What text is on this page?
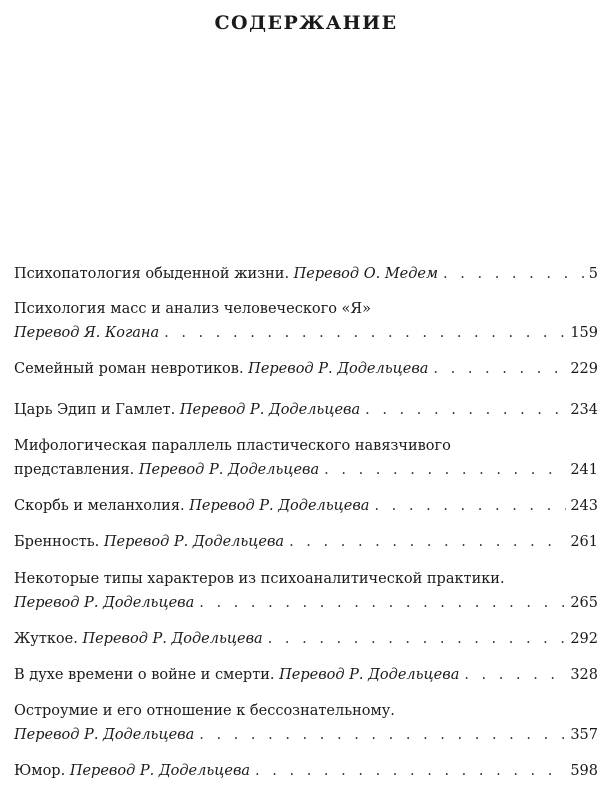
СОДЕРЖАНИЕ
Психопатология обыденной жизни. Перевод О. Медем . . .	5
Психология масс и анализ человеческого «Я»
Перевод Я. Когана . . .	159
Семейный роман невротиков. Перевод Р. Додельцева . . .	229
Царь Эдип и Гамлет. Перевод Р. Додельцева . . .	234
Мифологическая параллель пластического навязчивого
представления. Перевод Р. Додельцева . . .	241
Скорбь и меланхолия. Перевод Р. Додельцева . . .	243
Бренность. Перевод Р. Додельцева . . .	261
Некоторые типы характеров из психоаналитической практики.
Перевод Р. Додельцева . . .	265
Жуткое. Перевод Р. Додельцева . . .	292
В духе времени о войне и смерти. Перевод Р. Додельцева . . .	328
Остроумие и его отношение к бессознательному.
Перевод Р. Додельцева . . .	357
Юмор. Перевод Р. Додельцева . . .	598
